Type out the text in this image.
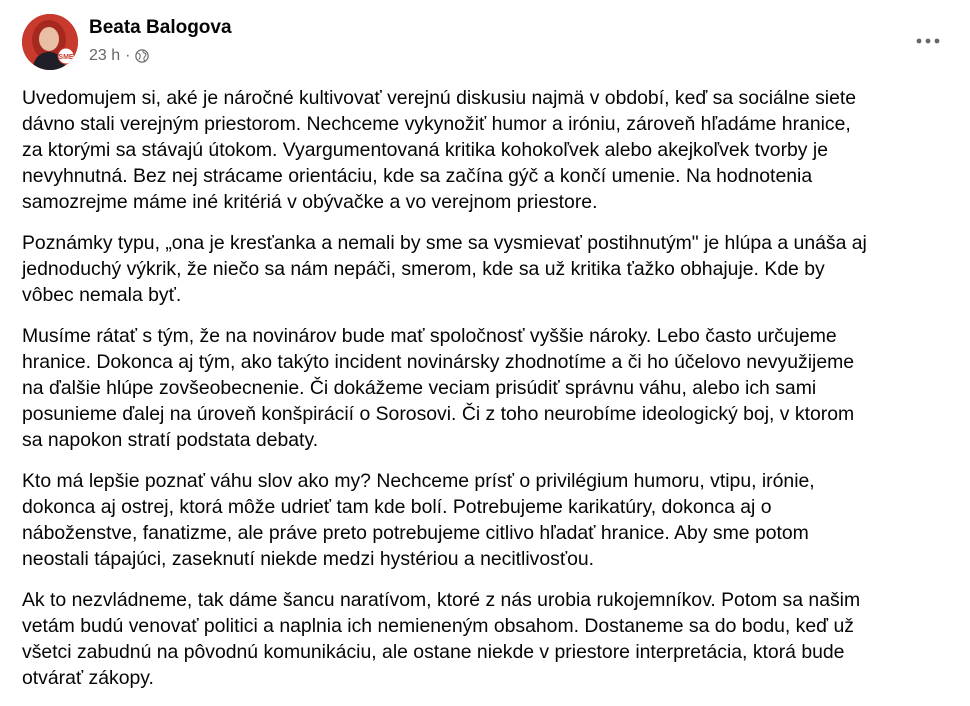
SME
Beata Balogova
23 h ·

Uvedomujem si, aké je náročné kultivovať verejnú diskusiu najmä v období, keď sa sociálne siete
dávno stali verejným priestorom. Nechceme vykynožiť humor a iróniu, zároveň hľadáme hranice,
za ktorými sa stávajú útokom. Vyargumentovaná kritika kohokoľvek alebo akejkoľvek tvorby je
nevyhnutná. Bez nej strácame orientáciu, kde sa začína gýč a končí umenie. Na hodnotenia
samozrejme máme iné kritériá v obývačke a vo verejnom priestore.

Poznámky typu, „ona je kresťanka a nemali by sme sa vysmievať postihnutým" je hlúpa a unáša aj
jednoduchý výkrik, že niečo sa nám nepáči, smerom, kde sa už kritika ťažko obhajuje. Kde by
vôbec nemala byť.

Musíme rátať s tým, že na novinárov bude mať spoločnosť vyššie nároky. Lebo často určujeme
hranice. Dokonca aj tým, ako takýto incident novinársky zhodnotíme a či ho účelovo nevyužijeme
na ďalšie hlúpe zovšeobecnenie. Či dokážeme veciam prisúdiť správnu váhu, alebo ich sami
posunieme ďalej na úroveň konšpirácií o Sorosovi. Či z toho neurobíme ideologický boj, v ktorom
sa napokon stratí podstata debaty.

Kto má lepšie poznať váhu slov ako my? Nechceme prísť o privilégium humoru, vtipu, irónie,
dokonca aj ostrej, ktorá môže udrieť tam kde bolí. Potrebujeme karikatúry, dokonca aj o
náboženstve, fanatizme, ale práve preto potrebujeme citlivo hľadať hranice. Aby sme potom
neostali tápajúci, zaseknutí niekde medzi hystériou a necitlivosťou.

Ak to nezvládneme, tak dáme šancu naratívom, ktoré z nás urobia rukojemníkov. Potom sa našim
vetám budú venovať politici a naplnia ich nemieneným obsahom. Dostaneme sa do bodu, keď už
všetci zabudnú na pôvodnú komunikáciu, ale ostane niekde v priestore interpretácia, ktorá bude
otvárať zákopy.
